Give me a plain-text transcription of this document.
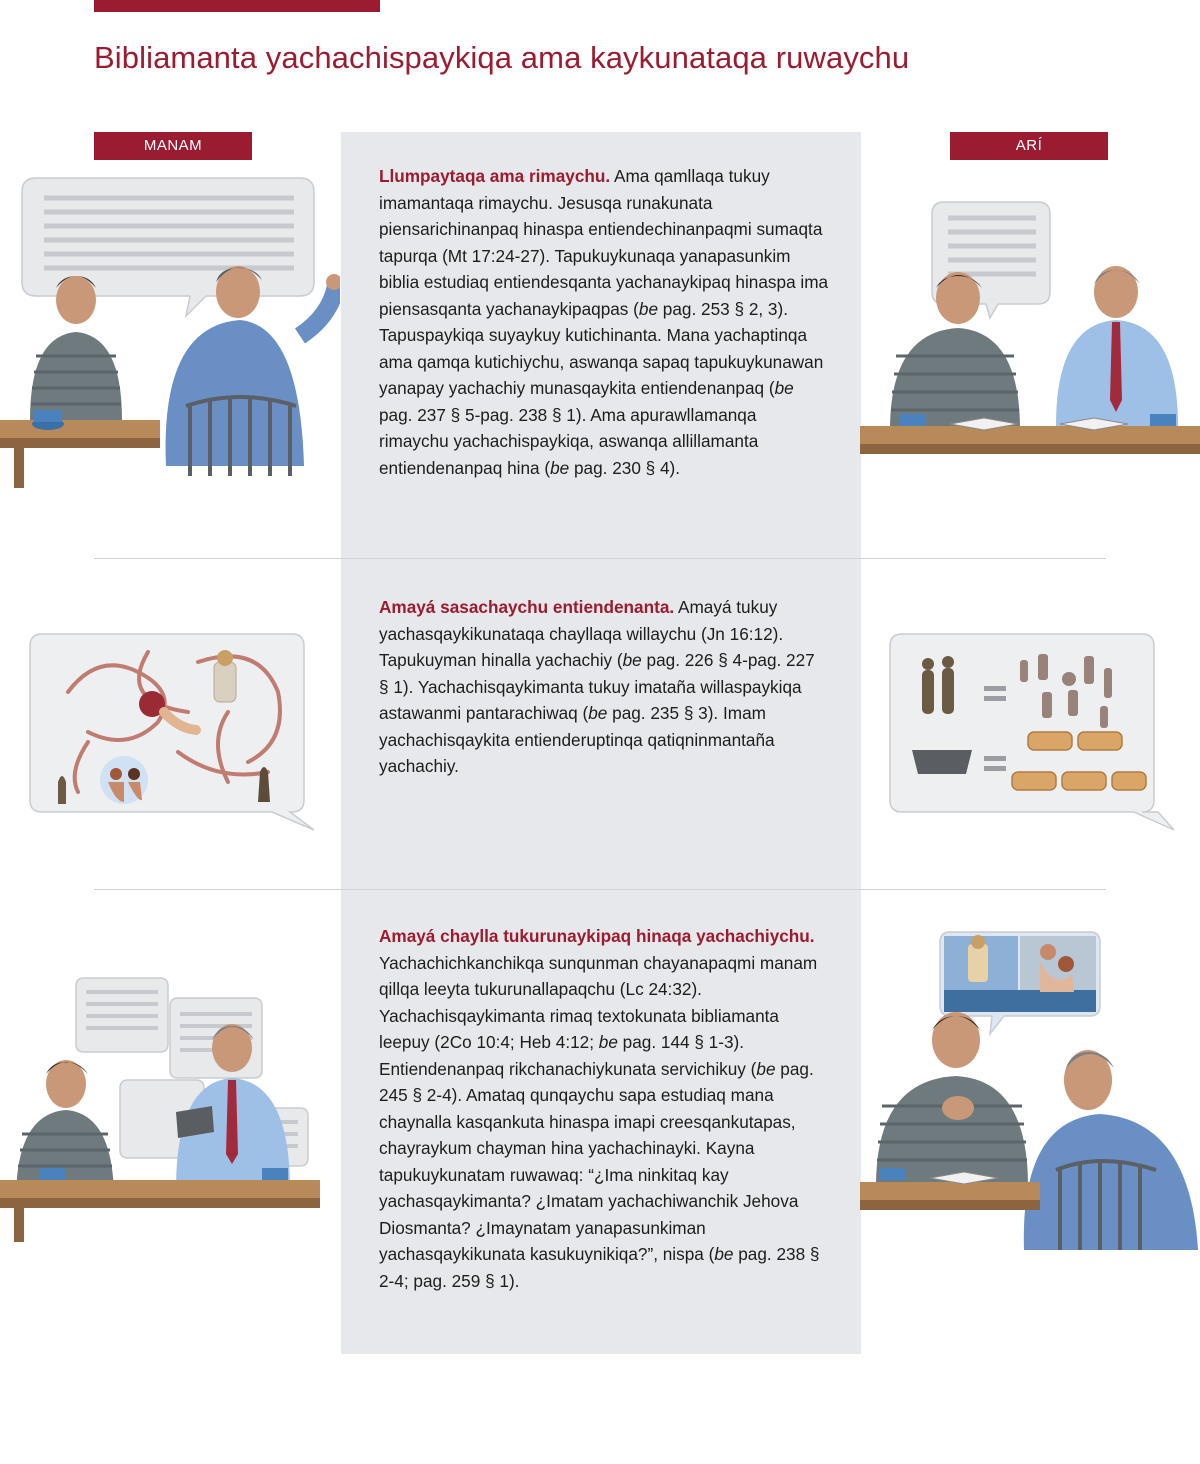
Bibliamanta yachachispaykiqa ama kaykunataqa ruwaychu
MANAM	ARÍ
Llumpaytaqa ama rimaychu. Ama qamllaqa tukuy imamantaqa rimaychu. Jesusqa runakunata piensarichinanpaq hinaspa entiendechinanpaqmi sumaqta tapurqa (Mt 17:24-27). Tapukuykunaqa yanapasunkim biblia estudiaq entiendesqanta yachanaykipaq hinaspa ima piensasqanta yachanaykipaqpas (be pag. 253 § 2, 3). Tapuspaykiqa suyaykuy kutichinanta. Mana yachaptinqa ama qamqa kutichiychu, aswanqa sapaq tapukuykunawan yanapay yachachiy munasqaykita entiendenanpaq (be pag. 237 § 5-pag. 238 § 1). Ama apurawllamanqa rimaychu yachachispaykiqa, aswanqa allillamanta entiendenanpaq hina (be pag. 230 § 4).
Amayá sasachaychu entiendenanta. Amayá tukuy yachasqaykikunataqa chayllaqa willaychu (Jn 16:12). Tapukuyman hinalla yachachiy (be pag. 226 § 4-pag. 227 § 1). Yachachisqaykimanta tukuy imataña willaspaykiqa astawanmi pantarachiwaq (be pag. 235 § 3). Imam yachachisqaykita entienderuptinqa qatiqninmantaña yachachiy.
Amayá chaylla tukurunaykipaq hinaqa yachachiychu. Yachachichkanchikqa sunqunman chayanapaqmi manam qillqa leeyta tukurunallapaqchu (Lc 24:32). Yachachisqaykimanta rimaq textokunata bibliamanta leepuy (2Co 10:4; Heb 4:12; be pag. 144 § 1-3). Entiendenanpaq rikchanachiykunata servichikuy (be pag. 245 § 2-4). Amataq qunqaychu sapa estudiaq mana chaynalla kasqankuta hinaspa imapi creesqankutapas, chayraykum chayman hina yachachinayki. Kayna tapukuykunatam ruwawaq: “¿Ima ninkitaq kay yachasqaykimanta? ¿Imatam yachachiwanchik Jehova Diosmanta? ¿Imaynatam yanapasunkiman yachasqaykikunata kasukuynikiqa?”, nispa (be pag. 238 § 2-4; pag. 259 § 1).
